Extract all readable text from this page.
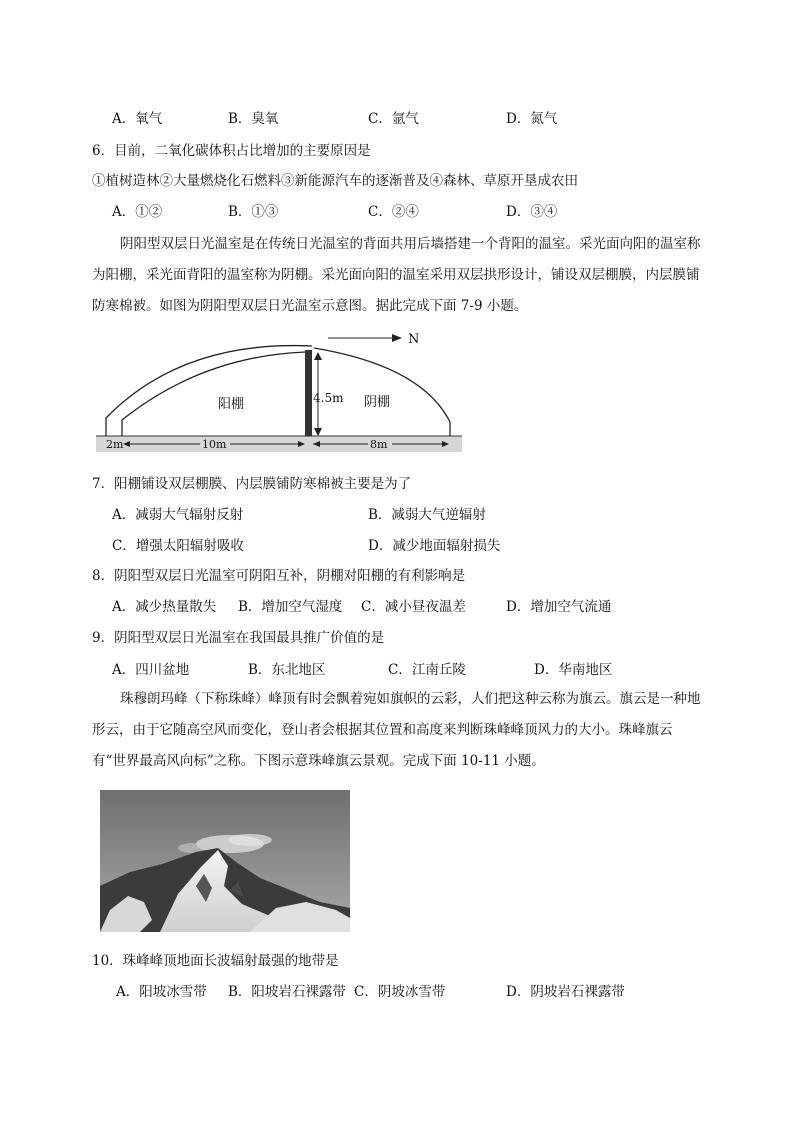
A．氧气	B．臭氧	C．氩气	D．氮气
6．目前，二氧化碳体积占比增加的主要原因是
①植树造林②大量燃烧化石燃料③新能源汽车的逐渐普及④森林、草原开垦成农田
A．①②	B．①③	C．②④	D．③④
阴阳型双层日光温室是在传统日光温室的背面共用后墙搭建一个背阳的温室。采光面向阳的温室称为阳棚，采光面背阳的温室称为阴棚。采光面向阳的温室采用双层拱形设计，铺设双层棚膜，内层膜铺防寒棉被。如图为阴阳型双层日光温室示意图。据此完成下面 7-9 小题。
N
阳棚	阴棚
4.5m
2m	10m	8m
7．阳棚铺设双层棚膜、内层膜铺防寒棉被主要是为了
A．减弱大气辐射反射	B．减弱大气逆辐射
C．增强太阳辐射吸收	D．减少地面辐射损失
8．阴阳型双层日光温室可阴阳互补，阴棚对阳棚的有利影响是
A．减少热量散失 B．增加空气湿度 C．减小昼夜温差	D．增加空气流通
9．阴阳型双层日光温室在我国最具推广价值的是
A．四川盆地	B．东北地区	C．江南丘陵	D．华南地区
珠穆朗玛峰（下称珠峰）峰顶有时会飘着宛如旗帜的云彩，人们把这种云称为旗云。旗云是一种地形云，由于它随高空风而变化，登山者会根据其位置和高度来判断珠峰峰顶风力的大小。珠峰旗云有“世界最高风向标”之称。下图示意珠峰旗云景观。完成下面 10-11 小题。
10．珠峰峰顶地面长波辐射最强的地带是
A．阳坡冰雪带 B．阳坡岩石裸露带 C．阴坡冰雪带	D．阴坡岩石裸露带
